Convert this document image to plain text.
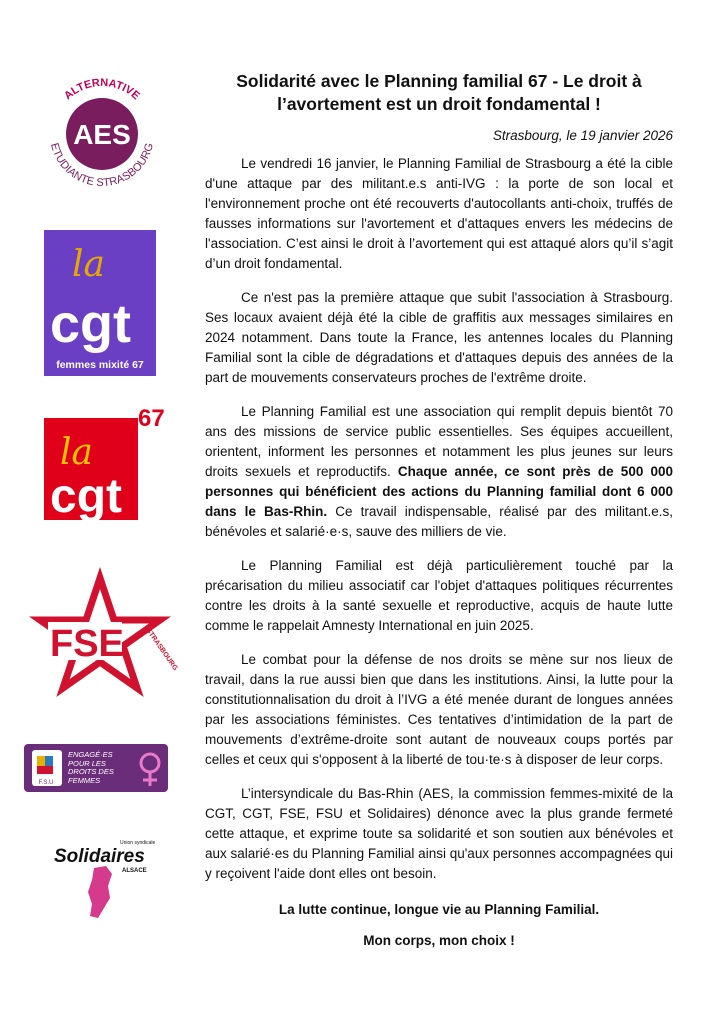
ALTERNATIVE
ETUDIANTE STRASBOURG
AES
la
cgt
femmes mixité 67
67
la
cgt
FSE	STRASBOURG
F.S.U
ENGAGÉ·ES POUR LES DROITS DES FEMMES
Union syndicale
Solidaires
ALSACE
Solidarité avec le Planning familial 67 - Le droit à l’avortement est un droit fondamental !
Strasbourg, le 19 janvier 2026

Le vendredi 16 janvier, le Planning Familial de Strasbourg a été la cible d'une attaque par des militant.e.s anti-IVG : la porte de son local et l'environnement proche ont été recouverts d'autocollants anti-choix, truffés de fausses informations sur l'avortement et d'attaques envers les médecins de l'association. C’est ainsi le droit à l’avortement qui est attaqué alors qu’il s’agit d’un droit fondamental.

Ce n'est pas la première attaque que subit l'association à Strasbourg. Ses locaux avaient déjà été la cible de graffitis aux messages similaires en 2024 notamment. Dans toute la France, les antennes locales du Planning Familial sont la cible de dégradations et d'attaques depuis des années de la part de mouvements conservateurs proches de l'extrême droite.

Le Planning Familial est une association qui remplit depuis bientôt 70 ans des missions de service public essentielles. Ses équipes accueillent, orientent, informent les personnes et notamment les plus jeunes sur leurs droits sexuels et reproductifs. Chaque année, ce sont près de 500 000 personnes qui bénéficient des actions du Planning familial dont 6 000 dans le Bas-Rhin. Ce travail indispensable, réalisé par des militant.e.s, bénévoles et salarié·e·s, sauve des milliers de vie.

Le Planning Familial est déjà particulièrement touché par la précarisation du milieu associatif car l'objet d'attaques politiques récurrentes contre les droits à la santé sexuelle et reproductive, acquis de haute lutte comme le rappelait Amnesty International en juin 2025.

Le combat pour la défense de nos droits se mène sur nos lieux de travail, dans la rue aussi bien que dans les institutions. Ainsi, la lutte pour la constitutionnalisation du droit à l’IVG a été menée durant de longues années par les associations féministes. Ces tentatives d’intimidation de la part de mouvements d’extrême-droite sont autant de nouveaux coups portés par celles et ceux qui s'opposent à la liberté de tou·te·s à disposer de leur corps.

L’intersyndicale du Bas-Rhin (AES, la commission femmes-mixité de la CGT, CGT, FSE, FSU et Solidaires) dénonce avec la plus grande fermeté cette attaque, et exprime toute sa solidarité et son soutien aux bénévoles et aux salarié·es du Planning Familial ainsi qu'aux personnes accompagnées qui y reçoivent l'aide dont elles ont besoin.

La lutte continue, longue vie au Planning Familial.

Mon corps, mon choix !
